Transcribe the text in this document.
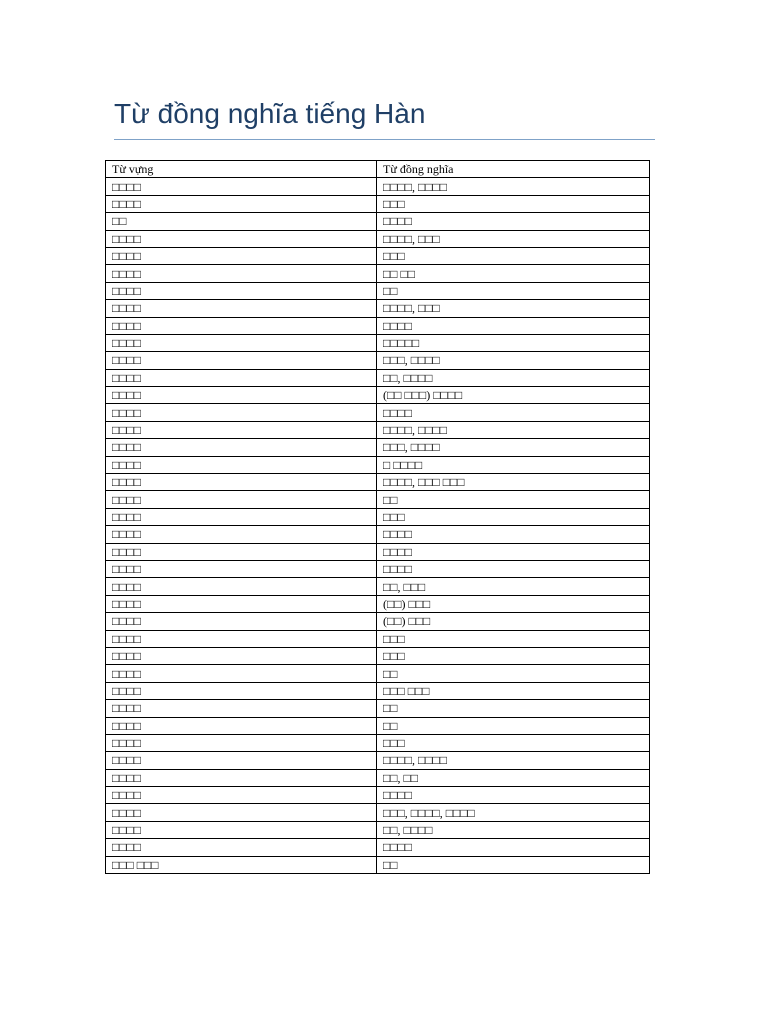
Từ đồng nghĩa tiếng Hàn
Từ vựng	Từ đồng nghĩa
□□□□	□□□□, □□□□
□□□□	□□□
□□	□□□□
□□□□	□□□□, □□□
□□□□	□□□
□□□□	□□ □□
□□□□	□□
□□□□	□□□□, □□□
□□□□	□□□□
□□□□	□□□□□
□□□□	□□□, □□□□
□□□□	□□, □□□□
□□□□	(□□ □□□) □□□□
□□□□	□□□□
□□□□	□□□□, □□□□
□□□□	□□□, □□□□
□□□□	□ □□□□
□□□□	□□□□, □□□ □□□
□□□□	□□
□□□□	□□□
□□□□	□□□□
□□□□	□□□□
□□□□	□□□□
□□□□	□□, □□□
□□□□	(□□) □□□
□□□□	(□□) □□□
□□□□	□□□
□□□□	□□□
□□□□	□□
□□□□	□□□ □□□
□□□□	□□
□□□□	□□
□□□□	□□□
□□□□	□□□□, □□□□
□□□□	□□, □□
□□□□	□□□□
□□□□	□□□, □□□□, □□□□
□□□□	□□, □□□□
□□□□	□□□□
□□□ □□□	□□
